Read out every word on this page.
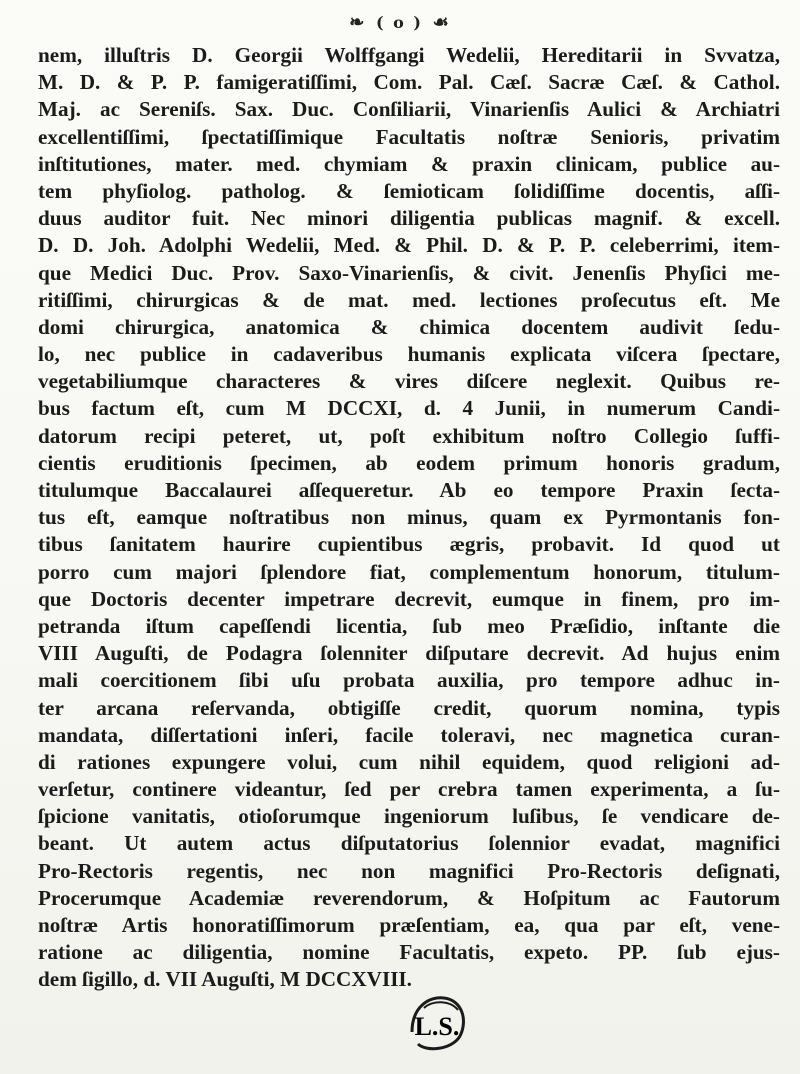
❧ ( o ) ☙
nem, illuſtris D. Georgii Wolffgangi Wedelii, Hereditarii in Svvatza,
M. D. & P. P. famigeratiſſimi, Com. Pal. Cæſ. Sacræ Cæſ. & Cathol.
Maj. ac Sereniſs. Sax. Duc. Conſiliarii, Vinarienſis Aulici & Archiatri
excellentiſſimi, ſpectatiſſimique Facultatis noſtræ Senioris, privatim
inſtitutiones, mater. med. chymiam & praxin clinicam, publice au-
tem phyſiolog. patholog. & ſemioticam ſolidiſſime docentis, aſſi-
duus auditor fuit. Nec minori diligentia publicas magnif. & excell.
D. D. Joh. Adolphi Wedelii, Med. & Phil. D. & P. P. celeberrimi, item-
que Medici Duc. Prov. Saxo-Vinarienſis, & civit. Jenenſis Phyſici me-
ritiſſimi, chirurgicas & de mat. med. lectiones proſecutus eſt. Me
domi chirurgica, anatomica & chimica docentem audivit ſedu-
lo, nec publice in cadaveribus humanis explicata viſcera ſpectare,
vegetabiliumque characteres & vires diſcere neglexit. Quibus re-
bus factum eſt, cum M DCCXI, d. 4 Junii, in numerum Candi-
datorum recipi peteret, ut, poſt exhibitum noſtro Collegio ſuffi-
cientis eruditionis ſpecimen, ab eodem primum honoris gradum,
titulumque Baccalaurei aſſequeretur. Ab eo tempore Praxin ſecta-
tus eſt, eamque noſtratibus non minus, quam ex Pyrmontanis fon-
tibus ſanitatem haurire cupientibus ægris, probavit. Id quod ut
porro cum majori ſplendore fiat, complementum honorum, titulum-
que Doctoris decenter impetrare decrevit, eumque in finem, pro im-
petranda iſtum capeſſendi licentia, ſub meo Præſidio, inſtante die
VIII Auguſti, de Podagra ſolenniter diſputare decrevit. Ad hujus enim
mali coercitionem ſibi uſu probata auxilia, pro tempore adhuc in-
ter arcana reſervanda, obtigiſſe credit, quorum nomina, typis
mandata, diſſertationi inſeri, facile toleravi, nec magnetica curan-
di rationes expungere volui, cum nihil equidem, quod religioni ad-
verſetur, continere videantur, ſed per crebra tamen experimenta, a ſu-
ſpicione vanitatis, otioſorumque ingeniorum luſibus, ſe vendicare de-
beant. Ut autem actus diſputatorius ſolennior evadat, magnifici
Pro-Rectoris regentis, nec non magnifici Pro-Rectoris deſignati,
Procerumque Academiæ reverendorum, & Hoſpitum ac Fautorum
noſtræ Artis honoratiſſimorum præſentiam, ea, qua par eſt, vene-
ratione ac diligentia, nomine Facultatis, expeto. PP. ſub ejus-
dem ſigillo, d. VII Auguſti, M DCCXVIII.
L.S.
